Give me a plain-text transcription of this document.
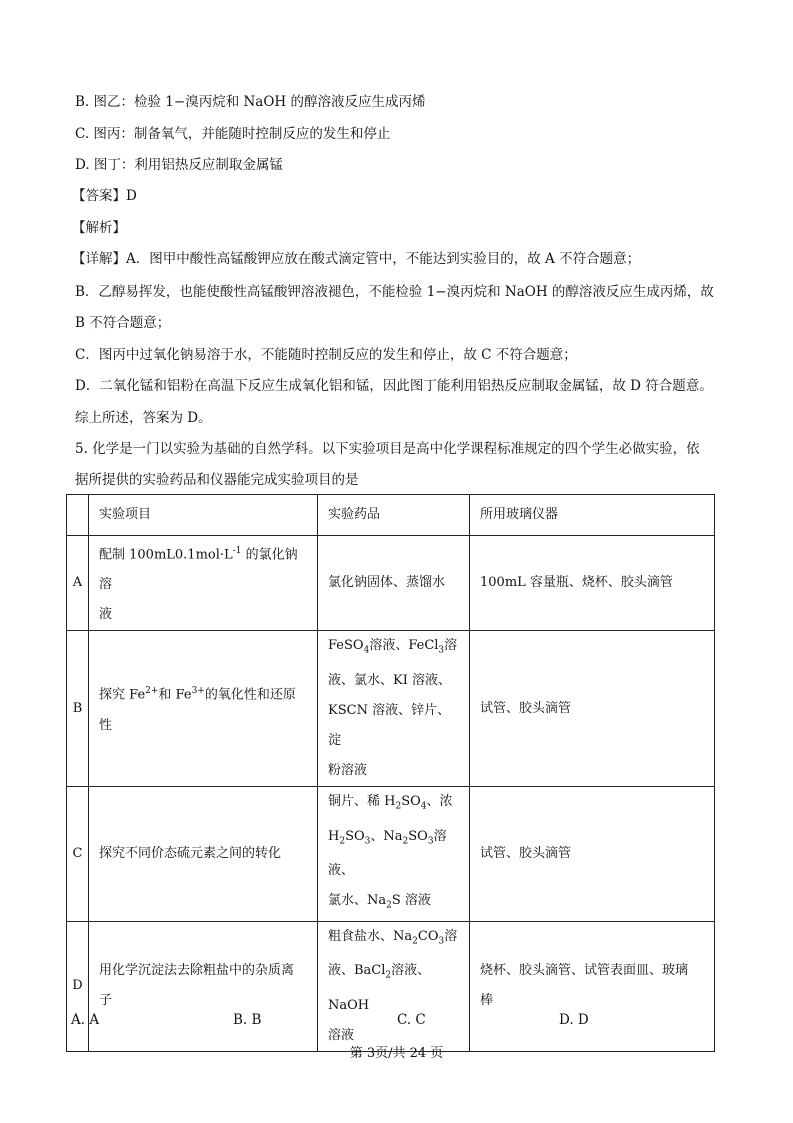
B. 图乙：检验 1−溴丙烷和 NaOH 的醇溶液反应生成丙烯
C. 图丙：制备氧气，并能随时控制反应的发生和停止
D. 图丁：利用铝热反应制取金属锰
【答案】D
【解析】
【详解】A．图甲中酸性高锰酸钾应放在酸式滴定管中，不能达到实验目的，故 A 不符合题意；
B．乙醇易挥发，也能使酸性高锰酸钾溶液褪色，不能检验 1−溴丙烷和 NaOH 的醇溶液反应生成丙烯，故
B 不符合题意；
C．图丙中过氧化钠易溶于水，不能随时控制反应的发生和停止，故 C 不符合题意；
D．二氧化锰和铝粉在高温下反应生成氧化铝和锰，因此图丁能利用铝热反应制取金属锰，故 D 符合题意。
综上所述，答案为 D。
5. 化学是一门以实验为基础的自然学科。以下实验项目是高中化学课程标准规定的四个学生必做实验，依
据所提供的实验药品和仪器能完成实验项目的是
	实验项目	实验药品	所用玻璃仪器
A	配制 $100mL0.1mol\cdot L^{-1}$ 的氯化钠溶
液	氯化钠固体、蒸馏水	100mL 容量瓶、烧杯、胶头滴管
B	探究 $Fe^{2+}$和 $Fe^{3+}$的氧化性和还原性	FeSO$_4$溶液、FeCl$_3$溶
液、氯水、KI 溶液、
KSCN 溶液、锌片、淀
粉溶液	试管、胶头滴管
C	探究不同价态硫元素之间的转化	铜片、稀 $H_2SO_4$、浓
$H_2SO_3$、$Na_2SO_3$溶液、
氯水、$Na_2S$ 溶液	试管、胶头滴管
D	用化学沉淀法去除粗盐中的杂质离
子	粗食盐水、$Na_2CO_3$溶
液、BaCl$_2$溶液、NaOH
溶液	烧杯、胶头滴管、试管表面皿、玻璃
棒
A. A	B. B	C. C	D. D
第 3页/共 24 页
